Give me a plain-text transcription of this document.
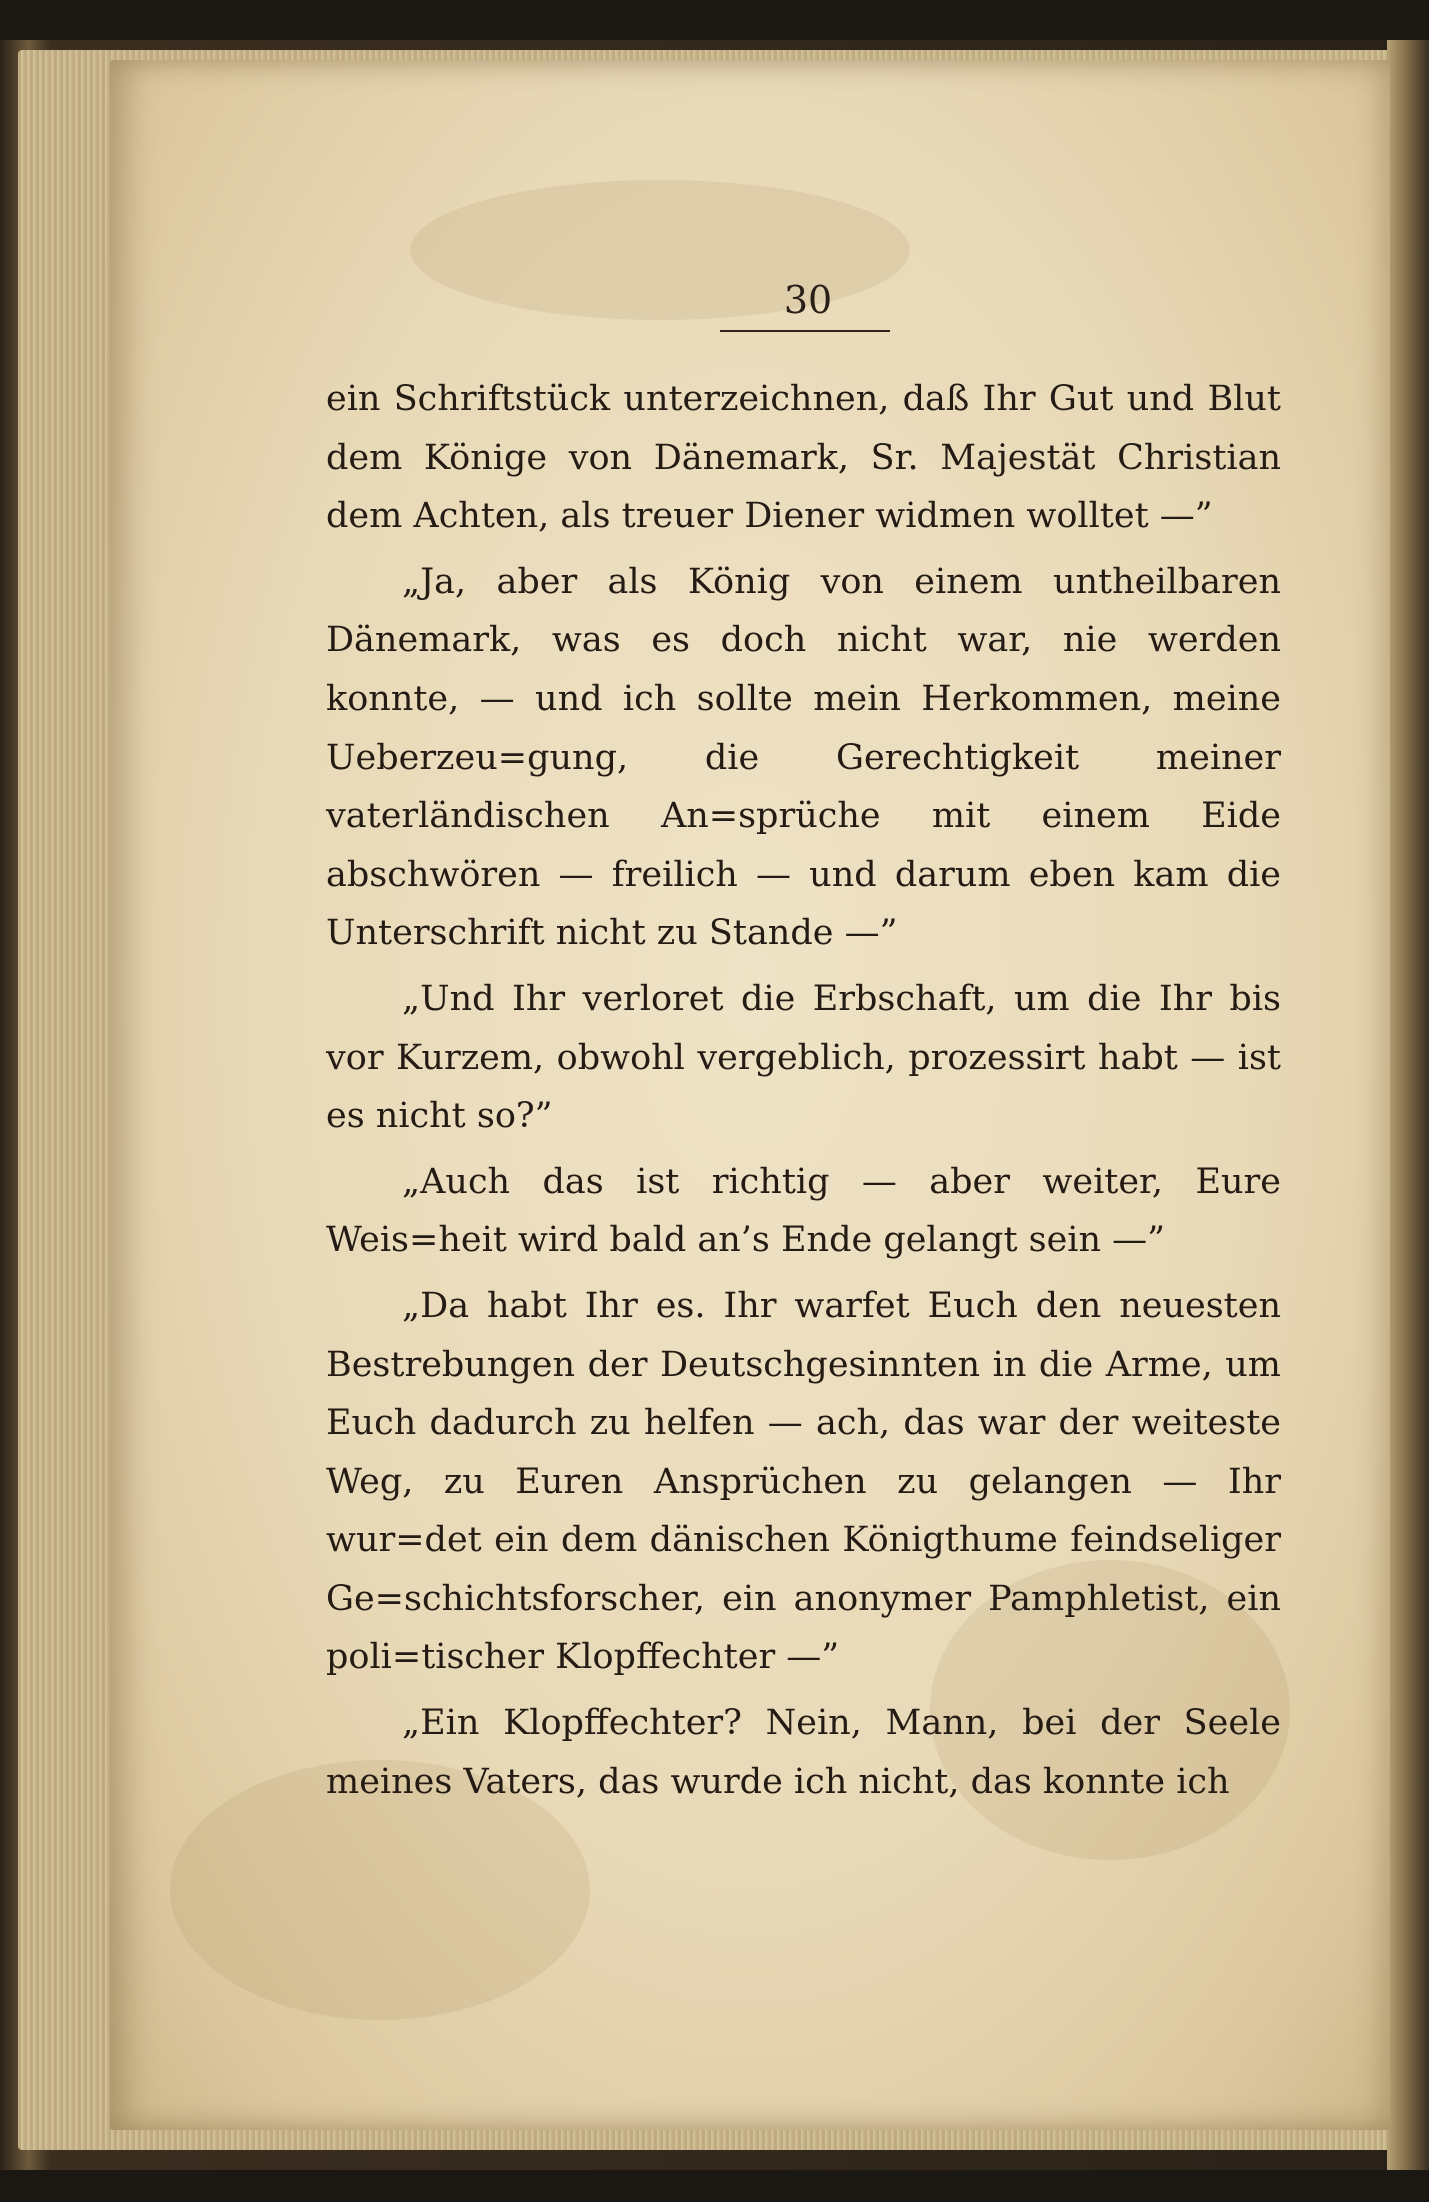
30

ein Schriftstück unterzeichnen, daß Ihr Gut und Blut dem Könige von Dänemark, Sr. Majestät Christian dem Achten, als treuer Diener widmen wolltet —”

„Ja, aber als König von einem untheilbaren Dänemark, was es doch nicht war, nie werden konnte, — und ich sollte mein Herkommen, meine Ueberzeu=gung, die Gerechtigkeit meiner vaterländischen An=sprüche mit einem Eide abschwören — freilich — und darum eben kam die Unterschrift nicht zu Stande —”

„Und Ihr verloret die Erbschaft, um die Ihr bis vor Kurzem, obwohl vergeblich, prozessirt habt — ist es nicht so?”

„Auch das ist richtig — aber weiter, Eure Weis=heit wird bald an’s Ende gelangt sein —”

„Da habt Ihr es. Ihr warfet Euch den neuesten Bestrebungen der Deutschgesinnten in die Arme, um Euch dadurch zu helfen — ach, das war der weiteste Weg, zu Euren Ansprüchen zu gelangen — Ihr wur=det ein dem dänischen Königthume feindseliger Ge=schichtsforscher, ein anonymer Pamphletist, ein poli=tischer Klopffechter —”

„Ein Klopffechter? Nein, Mann, bei der Seele meines Vaters, das wurde ich nicht, das konnte ich
